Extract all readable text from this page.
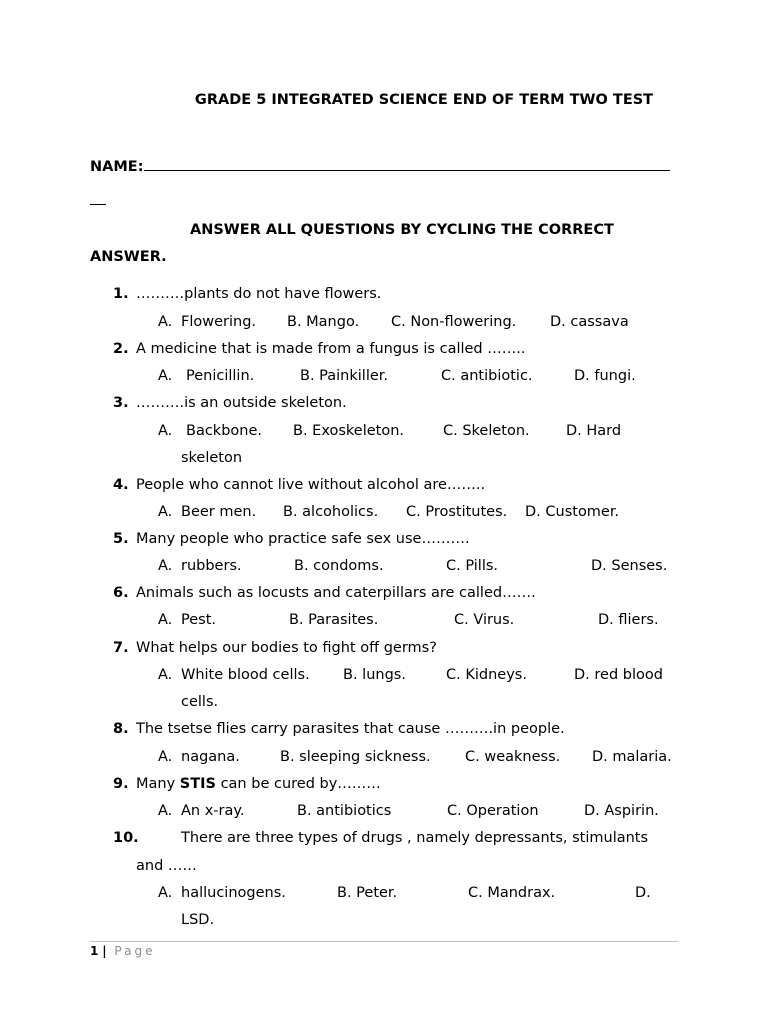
GRADE 5 INTEGRATED SCIENCE END OF TERM TWO TEST
NAME:
ANSWER ALL QUESTIONS BY CYCLING THE CORRECT
ANSWER.
1. ……….plants do not have flowers.
A. Flowering. B. Mango. C. Non-flowering. D. cassava
2. A medicine that is made from a fungus is called ……..
A. Penicillin.	B. Painkiller.	C. antibiotic.	D. fungi.
3. ……….is an outside skeleton.
A. Backbone. B. Exoskeleton.	C. Skeleton.	D. Hard
skeleton
4. People who cannot live without alcohol are……..
A. Beer men. B. alcoholics. C. Prostitutes. D. Customer.
5. Many people who practice safe sex use……….
A. rubbers.	B. condoms.	C. Pills.	D. Senses.
6. Animals such as locusts and caterpillars are called…….
A. Pest.	B. Parasites.	C. Virus.	D. fliers.
7. What helps our bodies to fight off germs?
A. White blood cells. B. lungs.	C. Kidneys.	D. red blood
cells.
8. The tsetse flies carry parasites that cause ……….in people.
A. nagana.	B. sleeping sickness. C. weakness. D. malaria.
9. Many STIS can be cured by………
A. An x-ray.	B. antibiotics	C. Operation	D. Aspirin.
10.	There are three types of drugs , namely depressants, stimulants
and ……
A. hallucinogens.	B. Peter.	C. Mandrax.	D.
LSD.
1 | Page
